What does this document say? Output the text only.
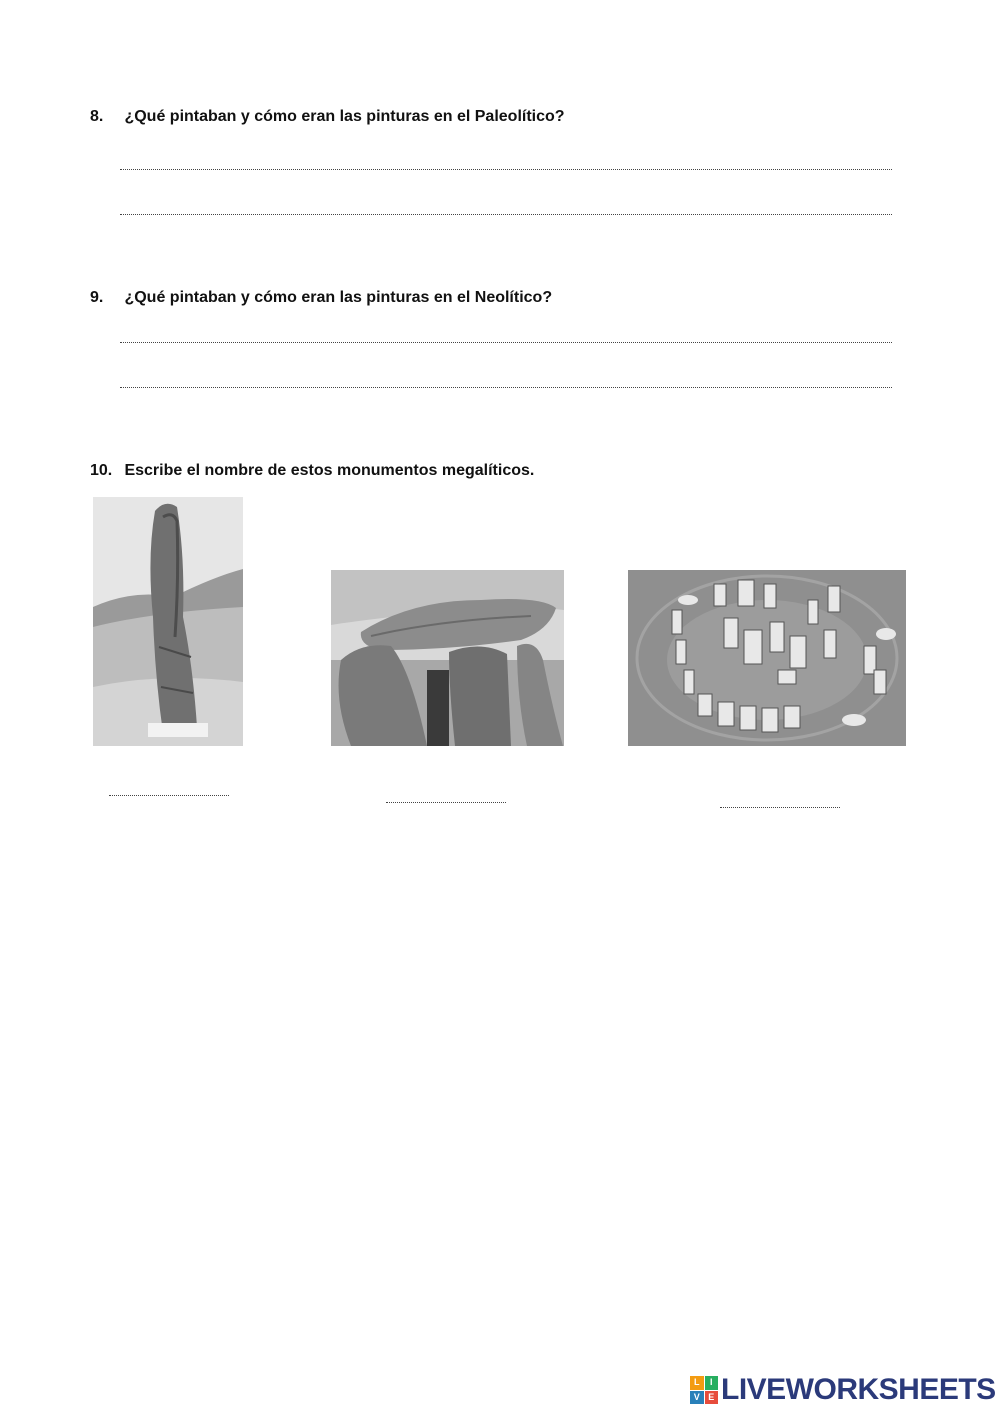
8. ¿Qué pintaban y cómo eran las pinturas en el Paleolítico?
9. ¿Qué pintaban y cómo eran las pinturas en el Neolítico?
10. Escribe el nombre de estos monumentos megalíticos.
L	I
V E LIVEWORKSHEETS
